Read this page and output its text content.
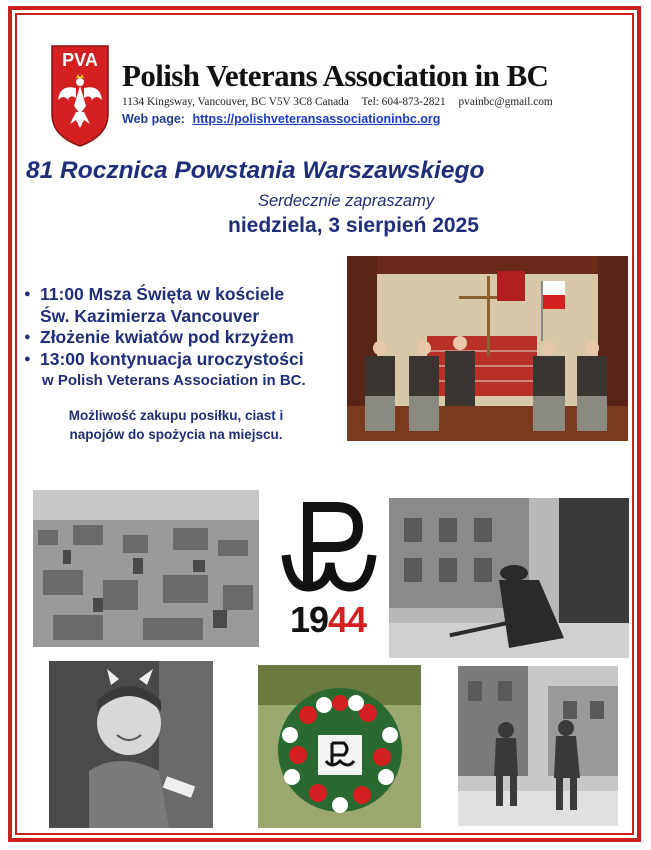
PVA Polish Veterans Association in BC
1134 Kingsway, Vancouver, BC V5V 3C8 Canada Tel: 604-873-2821 pvainbc@gmail.com
Web page: https://polishveteransassociationinbc.org
81 Rocznica Powstania Warszawskiego
Serdecznie zapraszamy
niedziela, 3 sierpień 2025
● 11:00 Msza Święta w kościele
Św. Kazimierza Vancouver
● Złożenie kwiatów pod krzyżem
● 13:00 kontynuacja uroczystości
w Polish Veterans Association in BC.
Możliwość zakupu posiłku, ciast i
napojów do spożycia na miejscu.
1944
